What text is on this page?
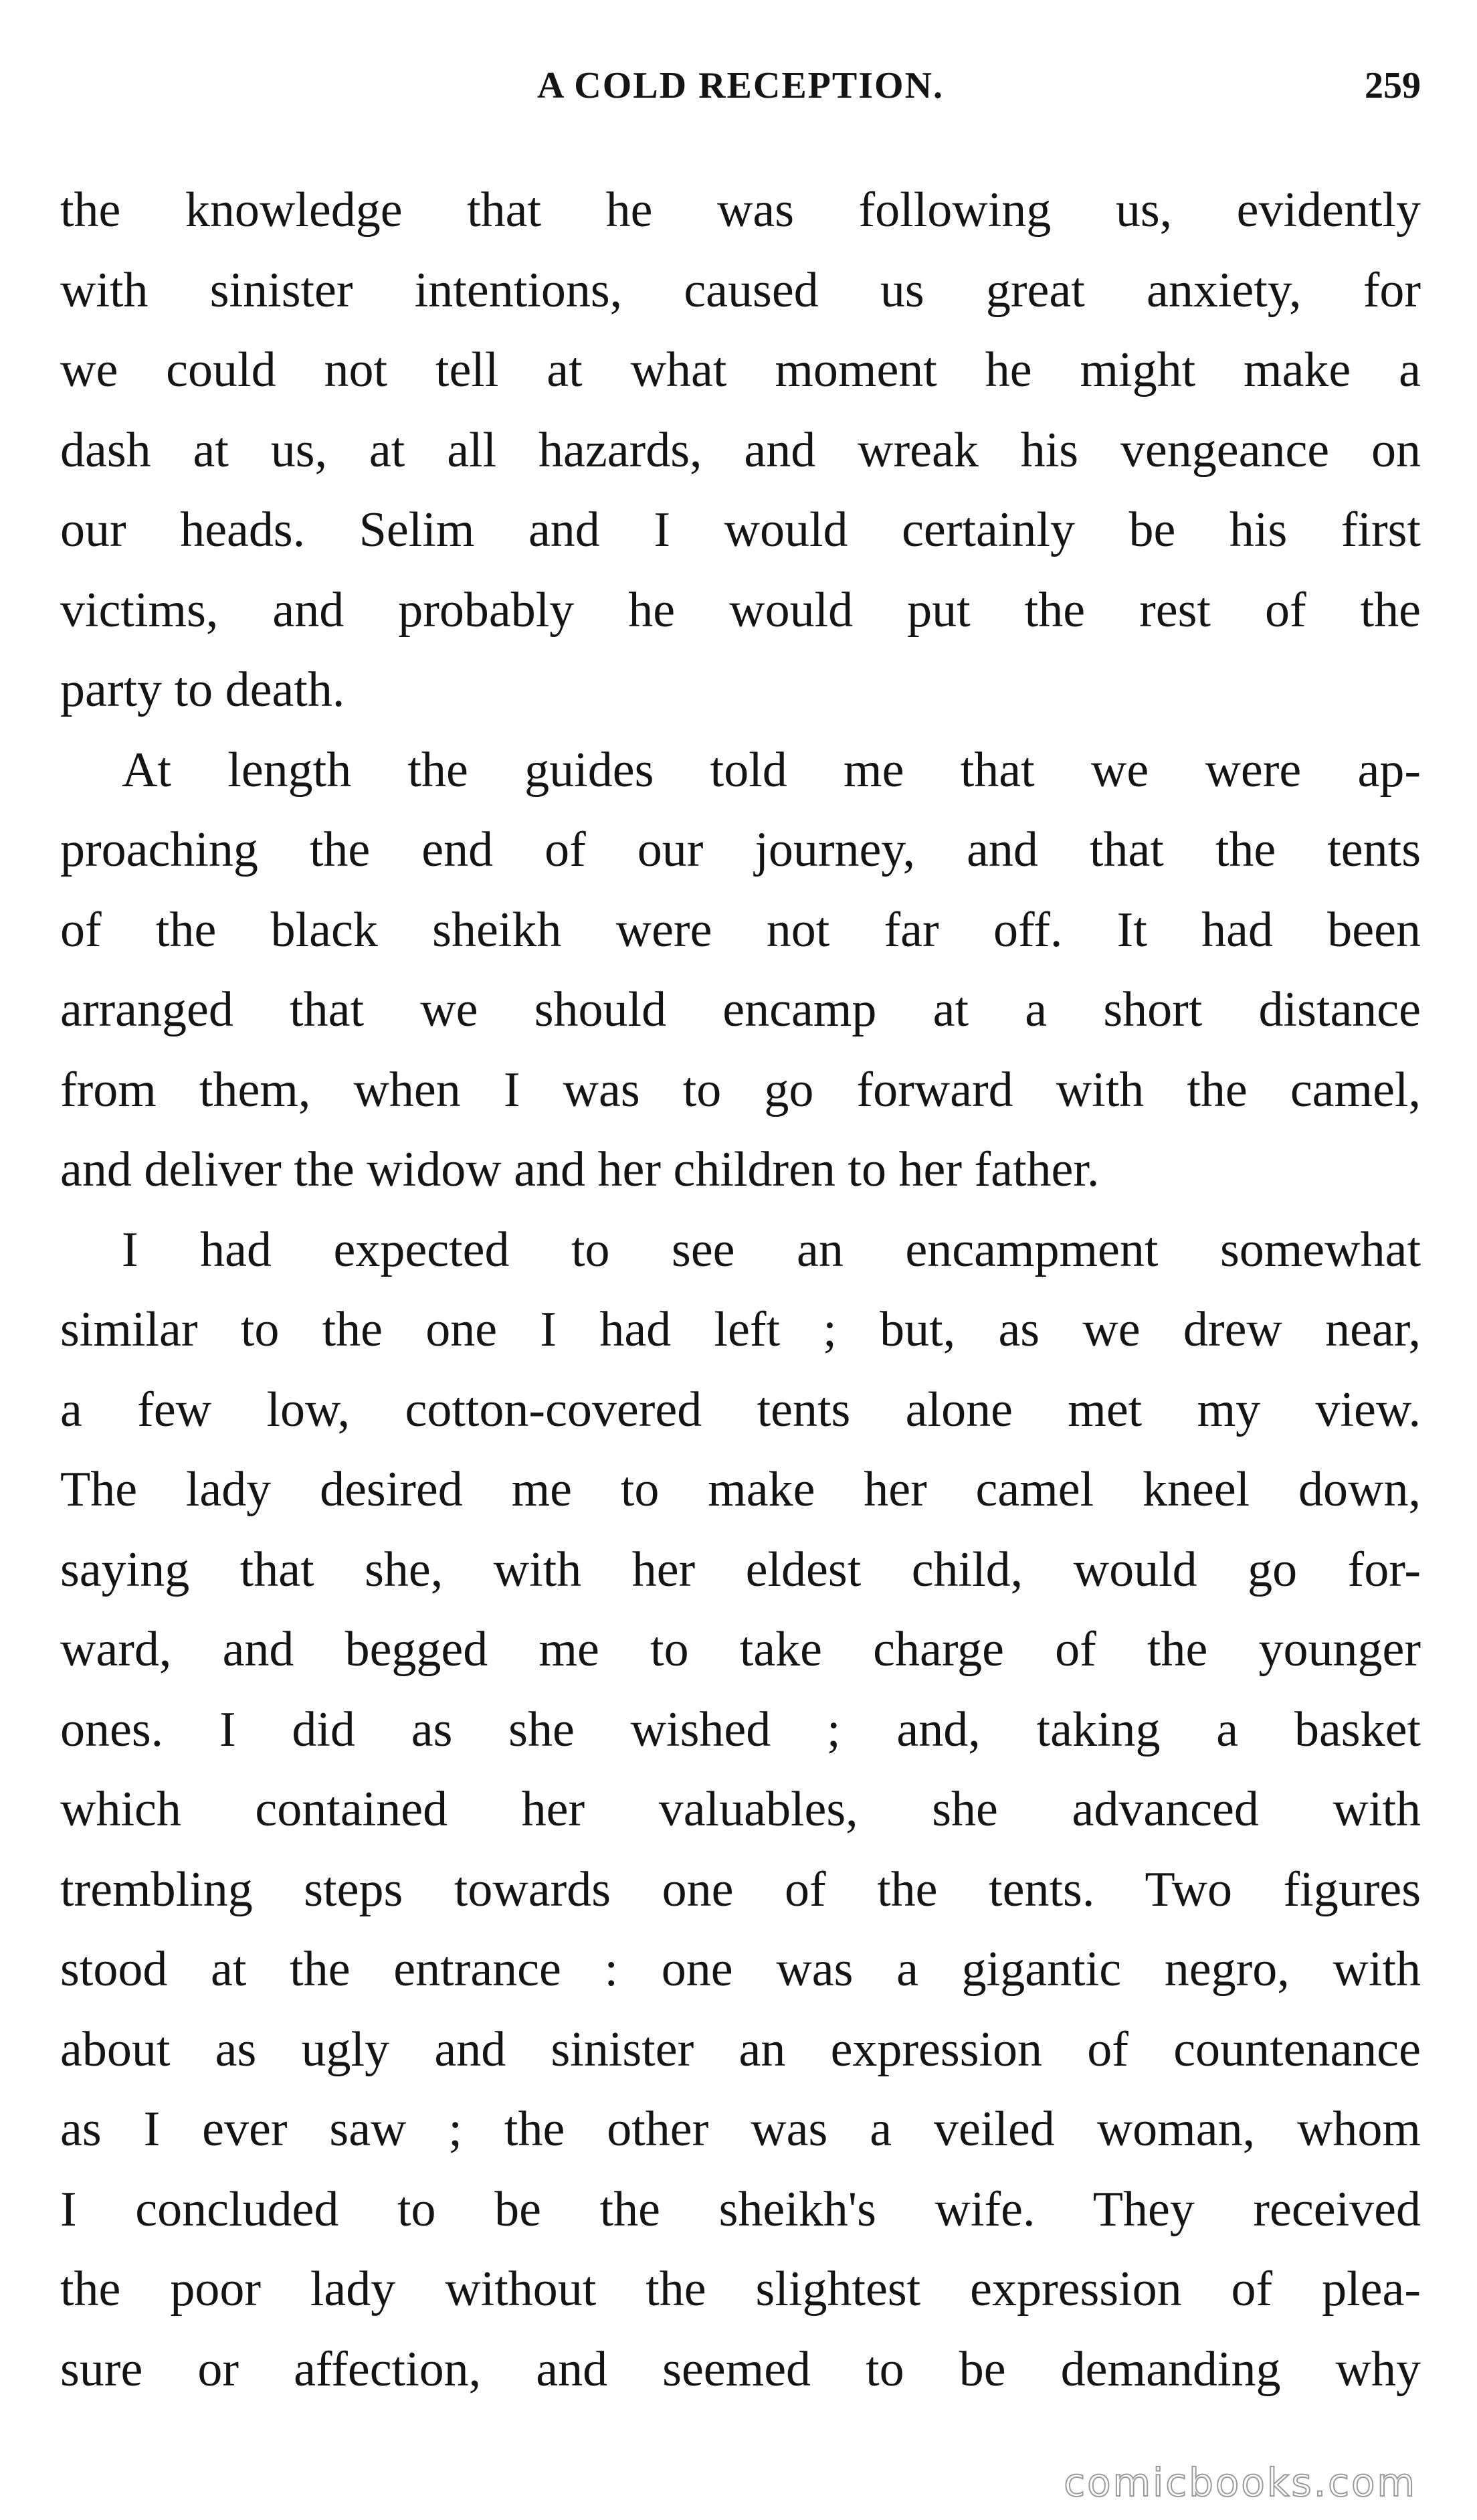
A COLD RECEPTION.	259
the knowledge that he was following us, evidently
with sinister intentions, caused us great anxiety, for
we could not tell at what moment he might make a
dash at us, at all hazards, and wreak his vengeance on
our heads. Selim and I would certainly be his first
victims, and probably he would put the rest of the
party to death.
At length the guides told me that we were ap-
proaching the end of our journey, and that the tents
of the black sheikh were not far off. It had been
arranged that we should encamp at a short distance
from them, when I was to go forward with the camel,
and deliver the widow and her children to her father.
I had expected to see an encampment somewhat
similar to the one I had left ; but, as we drew near,
a few low, cotton-covered tents alone met my view.
The lady desired me to make her camel kneel down,
saying that she, with her eldest child, would go for-
ward, and begged me to take charge of the younger
ones. I did as she wished ; and, taking a basket
which contained her valuables, she advanced with
trembling steps towards one of the tents. Two figures
stood at the entrance : one was a gigantic negro, with
about as ugly and sinister an expression of countenance
as I ever saw ; the other was a veiled woman, whom
I concluded to be the sheikh's wife. They received
the poor lady without the slightest expression of plea-
sure or affection, and seemed to be demanding why
comicbooks.com
